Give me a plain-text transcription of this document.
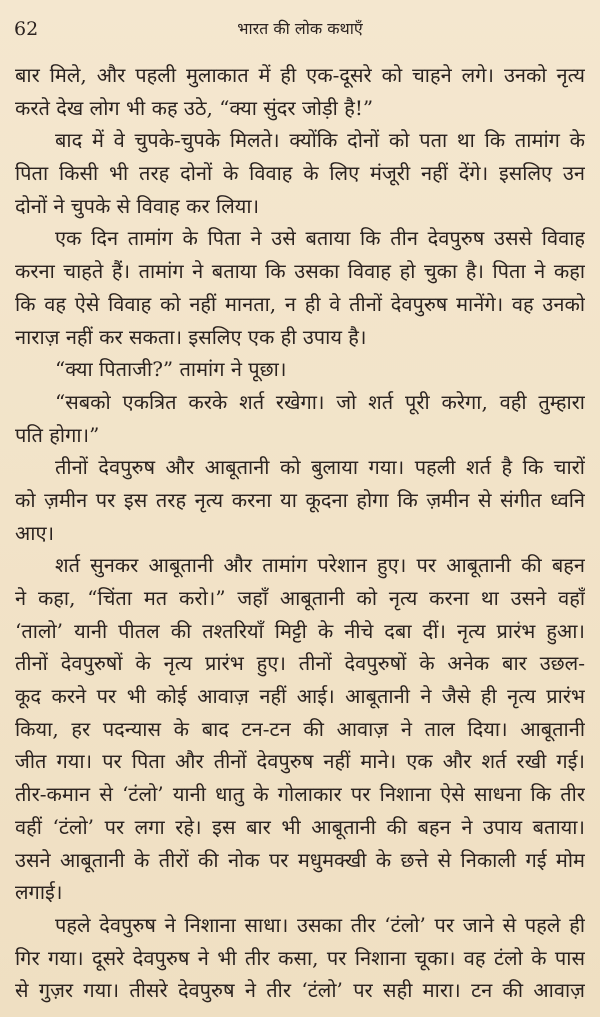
62	भारत की लोक कथाएँ
बार मिले, और पहली मुलाकात में ही एक-दूसरे को चाहने लगे। उनको नृत्य
करते देख लोग भी कह उठे, “क्या सुंदर जोड़ी है!”
बाद में वे चुपके-चुपके मिलते। क्योंकि दोनों को पता था कि तामांग के
पिता किसी भी तरह दोनों के विवाह के लिए मंजूरी नहीं देंगे। इसलिए उन
दोनों ने चुपके से विवाह कर लिया।
एक दिन तामांग के पिता ने उसे बताया कि तीन देवपुरुष उससे विवाह
करना चाहते हैं। तामांग ने बताया कि उसका विवाह हो चुका है। पिता ने कहा
कि वह ऐसे विवाह को नहीं मानता, न ही वे तीनों देवपुरुष मानेंगे। वह उनको
नाराज़ नहीं कर सकता। इसलिए एक ही उपाय है।
“क्या पिताजी?” तामांग ने पूछा।
“सबको एकत्रित करके शर्त रखेगा। जो शर्त पूरी करेगा, वही तुम्हारा
पति होगा।”
तीनों देवपुरुष और आबूतानी को बुलाया गया। पहली शर्त है कि चारों
को ज़मीन पर इस तरह नृत्य करना या कूदना होगा कि ज़मीन से संगीत ध्वनि
आए।
शर्त सुनकर आबूतानी और तामांग परेशान हुए। पर आबूतानी की बहन
ने कहा, “चिंता मत करो।” जहाँ आबूतानी को नृत्य करना था उसने वहाँ
‘तालो’ यानी पीतल की तश्तरियाँ मिट्टी के नीचे दबा दीं। नृत्य प्रारंभ हुआ।
तीनों देवपुरुषों के नृत्य प्रारंभ हुए। तीनों देवपुरुषों के अनेक बार उछल-
कूद करने पर भी कोई आवाज़ नहीं आई। आबूतानी ने जैसे ही नृत्य प्रारंभ
किया, हर पदन्यास के बाद टन-टन की आवाज़ ने ताल दिया। आबूतानी
जीत गया। पर पिता और तीनों देवपुरुष नहीं माने। एक और शर्त रखी गई।
तीर-कमान से ‘टंलो’ यानी धातु के गोलाकार पर निशाना ऐसे साधना कि तीर
वहीं ‘टंलो’ पर लगा रहे। इस बार भी आबूतानी की बहन ने उपाय बताया।
उसने आबूतानी के तीरों की नोक पर मधुमक्खी के छत्ते से निकाली गई मोम
लगाई।
पहले देवपुरुष ने निशाना साधा। उसका तीर ‘टंलो’ पर जाने से पहले ही
गिर गया। दूसरे देवपुरुष ने भी तीर कसा, पर निशाना चूका। वह टंलो के पास
से गुज़र गया। तीसरे देवपुरुष ने तीर ‘टंलो’ पर सही मारा। टन की आवाज़
